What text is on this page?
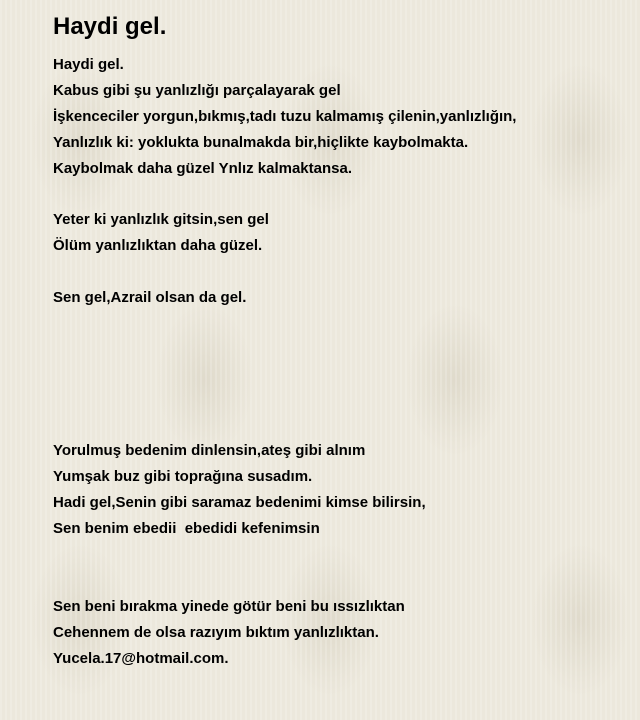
Haydi gel.
Haydi gel.
Kabus gibi şu yanlızlığı parçalayarak gel
İşkenceciler yorgun,bıkmış,tadı tuzu kalmamış çilenin,yanlızlığın,
Yanlızlık ki: yoklukta bunalmakda bir,hiçlikte kaybolmakta.
Kaybolmak daha güzel Ynlız kalmaktansa.
Yeter ki yanlızlık gitsin,sen gel
Ölüm yanlızlıktan daha güzel.
Sen gel,Azrail olsan da gel.
Yorulmuş bedenim dinlensin,ateş gibi alnım
Yumşak buz gibi toprağına susadım.
Hadi gel,Senin gibi saramaz bedenimi kimse bilirsin,
Sen benim ebedii  ebedidi kefenimsin
Sen beni bırakma yinede götür beni bu ıssızlıktan
Cehennem de olsa razıyım bıktım yanlızlıktan.
Yucela.17@hotmail.com.
